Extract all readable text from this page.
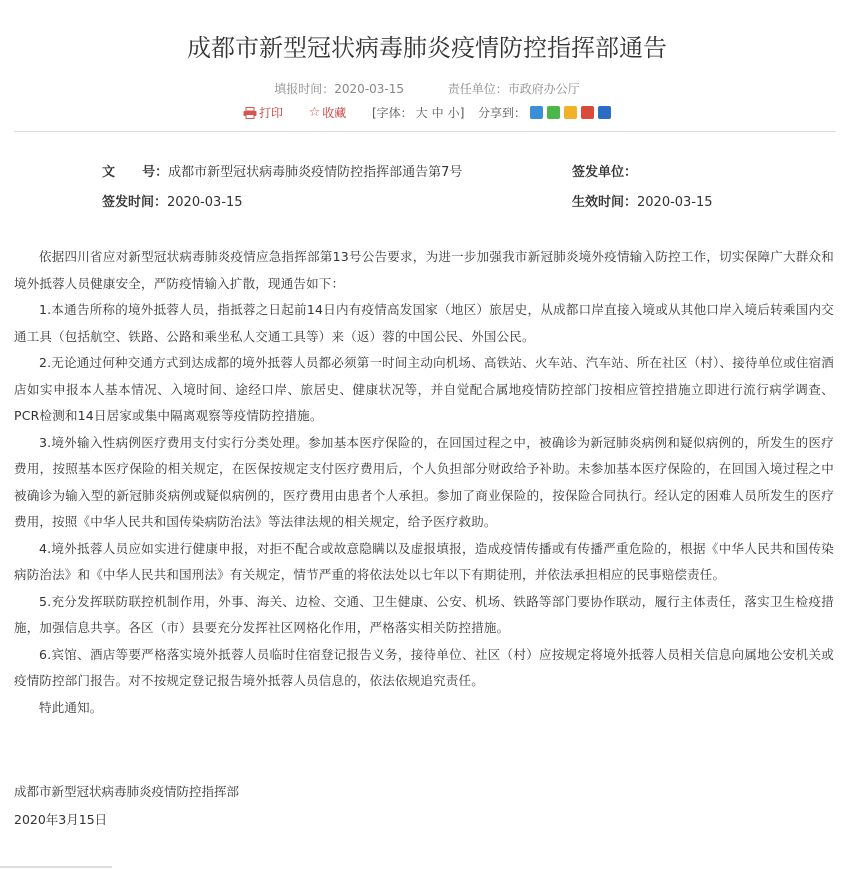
成都市新型冠状病毒肺炎疫情防控指挥部通告
填报时间：2020-03-15	责任单位：市政府办公厅
打印
☆ 收藏
[字体： 大 中 小 ]
分享到：
文      号：成都市新型冠状病毒肺炎疫情防控指挥部通告第7号	签发单位：
签发时间：2020-03-15	生效时间：2020-03-15

依据四川省应对新型冠状病毒肺炎疫情应急指挥部第13号公告要求，为进一步加强我市新冠肺炎境外疫情输入防控工作，切实保障广大群众和境外抵蓉人员健康安全，严防疫情输入扩散，现通告如下：

1.本通告所称的境外抵蓉人员，指抵蓉之日起前14日内有疫情高发国家（地区）旅居史，从成都口岸直接入境或从其他口岸入境后转乘国内交通工具（包括航空、铁路、公路和乘坐私人交通工具等）来（返）蓉的中国公民、外国公民。

2.无论通过何种交通方式到达成都的境外抵蓉人员都必须第一时间主动向机场、高铁站、火车站、汽车站、所在社区（村）、接待单位或住宿酒店如实申报本人基本情况、入境时间、途经口岸、旅居史、健康状况等，并自觉配合属地疫情防控部门按相应管控措施立即进行流行病学调查、PCR检测和14日居家或集中隔离观察等疫情防控措施。

3.境外输入性病例医疗费用支付实行分类处理。参加基本医疗保险的，在回国过程之中，被确诊为新冠肺炎病例和疑似病例的，所发生的医疗费用，按照基本医疗保险的相关规定，在医保按规定支付医疗费用后，个人负担部分财政给予补助。未参加基本医疗保险的，在回国入境过程之中被确诊为输入型的新冠肺炎病例或疑似病例的，医疗费用由患者个人承担。参加了商业保险的，按保险合同执行。经认定的困难人员所发生的医疗费用，按照《中华人民共和国传染病防治法》等法律法规的相关规定，给予医疗救助。

4.境外抵蓉人员应如实进行健康申报，对拒不配合或故意隐瞒以及虚报填报，造成疫情传播或有传播严重危险的，根据《中华人民共和国传染病防治法》和《中华人民共和国刑法》有关规定，情节严重的将依法处以七年以下有期徒刑，并依法承担相应的民事赔偿责任。

5.充分发挥联防联控机制作用，外事、海关、边检、交通、卫生健康、公安、机场、铁路等部门要协作联动，履行主体责任，落实卫生检疫措施，加强信息共享。各区（市）县要充分发挥社区网格化作用，严格落实相关防控措施。

6.宾馆、酒店等要严格落实境外抵蓉人员临时住宿登记报告义务，接待单位、社区（村）应按规定将境外抵蓉人员相关信息向属地公安机关或疫情防控部门报告。对不按规定登记报告境外抵蓉人员信息的，依法依规追究责任。

特此通知。

成都市新型冠状病毒肺炎疫情防控指挥部
2020年3月15日
